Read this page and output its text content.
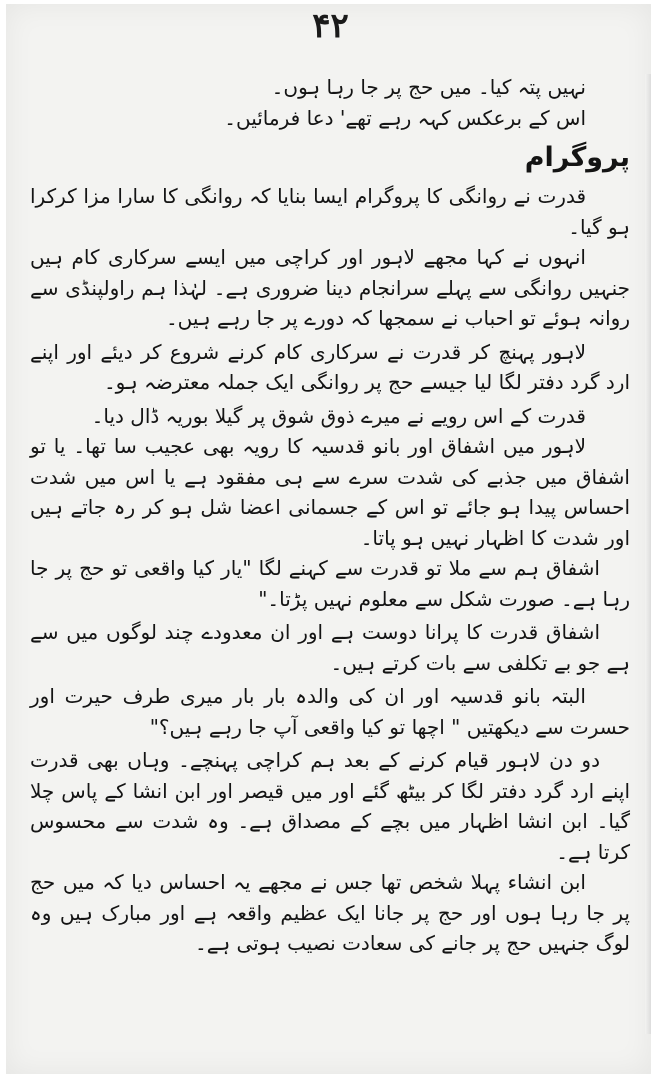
۴۲

نہیں پتہ کیا۔ میں حج پر جا رہا ہوں۔

اس کے برعکس کہہ رہے تھے' دعا فرمائیں۔

پروگرام

قدرت نے روانگی کا پروگرام ایسا بنایا کہ روانگی کا سارا مزا کرکرا ہو گیا۔

انہوں نے کہا مجھے لاہور اور کراچی میں ایسے سرکاری کام ہیں جنہیں روانگی سے پہلے سرانجام دینا ضروری ہے۔ لہٰذا ہم راولپنڈی سے روانہ ہوئے تو احباب نے سمجھا کہ دورے پر جا رہے ہیں۔

لاہور پہنچ کر قدرت نے سرکاری کام کرنے شروع کر دیئے اور اپنے ارد گرد دفتر لگا لیا جیسے حج پر روانگی ایک جملہ معترضہ ہو۔

قدرت کے اس رویے نے میرے ذوق شوق پر گیلا بوریہ ڈال دیا۔

لاہور میں اشفاق اور بانو قدسیہ کا رویہ بھی عجیب سا تھا۔ یا تو اشفاق میں جذبے کی شدت سرے سے ہی مفقود ہے یا اس میں شدت احساس پیدا ہو جائے تو اس کے جسمانی اعضا شل ہو کر رہ جاتے ہیں اور شدت کا اظہار نہیں ہو پاتا۔

اشفاق ہم سے ملا تو قدرت سے کہنے لگا "یار کیا واقعی تو حج پر جا رہا ہے۔ صورت شکل سے معلوم نہیں پڑتا۔"

اشفاق قدرت کا پرانا دوست ہے اور ان معدودے چند لوگوں میں سے ہے جو بے تکلفی سے بات کرتے ہیں۔

البتہ بانو قدسیہ اور ان کی والدہ بار بار میری طرف حیرت اور حسرت سے دیکھتیں " اچھا تو کیا واقعی آپ جا رہے ہیں؟"

دو دن لاہور قیام کرنے کے بعد ہم کراچی پہنچے۔ وہاں بھی قدرت اپنے ارد گرد دفتر لگا کر بیٹھ گئے اور میں قیصر اور ابن انشا کے پاس چلا گیا۔ ابن انشا اظہار میں بچے کے مصداق ہے۔ وہ شدت سے محسوس کرتا ہے۔

ابن انشاء پہلا شخص تھا جس نے مجھے یہ احساس دیا کہ میں حج پر جا رہا ہوں اور حج پر جانا ایک عظیم واقعہ ہے اور مبارک ہیں وہ لوگ جنہیں حج پر جانے کی سعادت نصیب ہوتی ہے۔
